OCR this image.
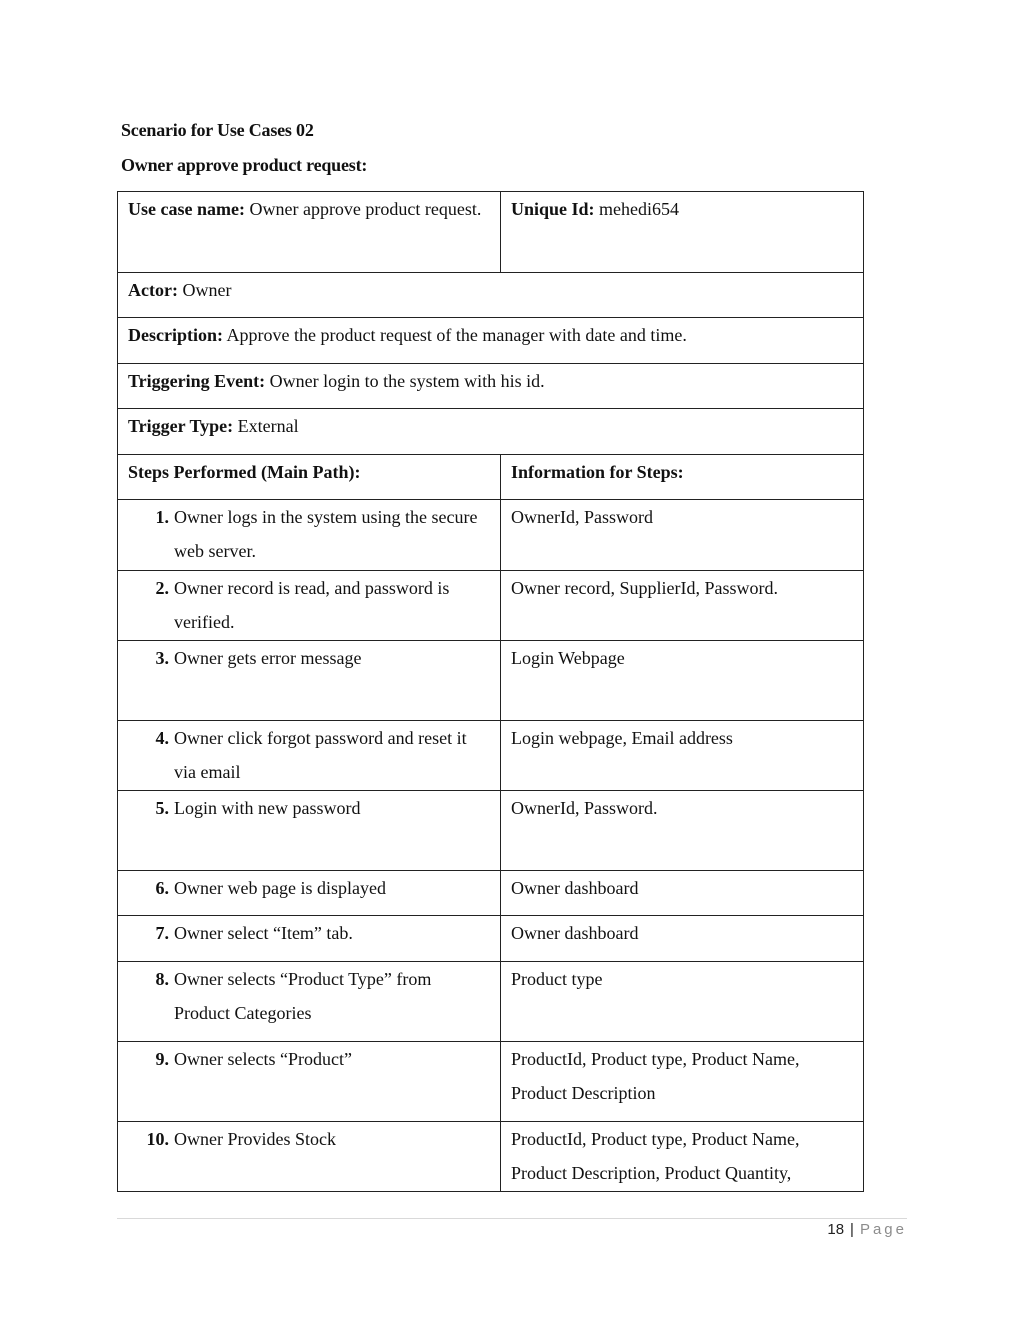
Scenario for Use Cases 02
Owner approve product request:
Use case name: Owner approve product request.	Unique Id: mehedi654
Actor: Owner	
Description: Approve the product request of the manager with date and time.	
Triggering Event: Owner login to the system with his id.	
Trigger Type: External	
Steps Performed (Main Path):	Information for Steps:

1. Owner logs in the system using the secure web server.	OwnerId, Password

2. Owner record is read, and password is verified.	Owner record, SupplierId, Password.

3. Owner gets error message	Login Webpage

4. Owner click forgot password and reset it via email	Login webpage, Email address

5. Login with new password	OwnerId, Password.

6. Owner web page is displayed	Owner dashboard

7. Owner select “Item” tab.	Owner dashboard

8. Owner selects “Product Type” from Product Categories	Product type

9. Owner selects “Product”	ProductId, Product type, Product Name, Product Description

10. Owner Provides Stock	ProductId, Product type, Product Name, Product Description, Product Quantity,
18 | Page
